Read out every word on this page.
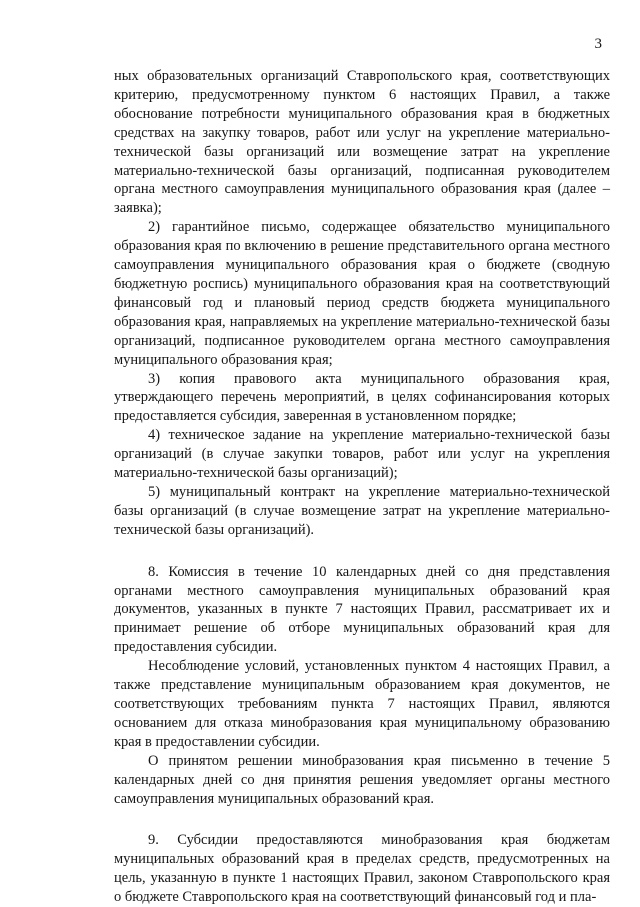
3

ных образовательных организаций Ставропольского края, соответствующих критерию, предусмотренному пунктом 6 настоящих Правил, а также обоснование потребности муниципального образования края в бюджетных средствах на закупку товаров, работ или услуг на укрепление материально-технической базы организаций или возмещение затрат на укрепление материально-технической базы организаций, подписанная руководителем органа местного самоуправления муниципального образования края (далее – заявка);

2) гарантийное письмо, содержащее обязательство муниципального образования края по включению в решение представительного органа местного самоуправления муниципального образования края о бюджете (сводную бюджетную роспись) муниципального образования края на соответствующий финансовый год и плановый период средств бюджета муниципального образования края, направляемых на укрепление материально-технической базы организаций, подписанное руководителем органа местного самоуправления муниципального образования края;

3) копия правового акта муниципального образования края, утверждающего перечень мероприятий, в целях софинансирования которых предоставляется субсидия, заверенная в установленном порядке;

4) техническое задание на укрепление материально-технической базы организаций (в случае закупки товаров, работ или услуг на укрепления материально-технической базы организаций);

5) муниципальный контракт на укрепление материально-технической базы организаций (в случае возмещение затрат на укрепление материально-технической базы организаций).

8. Комиссия в течение 10 календарных дней со дня представления органами местного самоуправления муниципальных образований края документов, указанных в пункте 7 настоящих Правил, рассматривает их и принимает решение об отборе муниципальных образований края для предоставления субсидии.

Несоблюдение условий, установленных пунктом 4 настоящих Правил, а также представление муниципальным образованием края документов, не соответствующих требованиям пункта 7 настоящих Правил, являются основанием для отказа минобразования края муниципальному образованию края в предоставлении субсидии.

О принятом решении минобразования края письменно в течение 5 календарных дней со дня принятия решения уведомляет органы местного самоуправления муниципальных образований края.

9. Субсидии предоставляются минобразования края бюджетам муниципальных образований края в пределах средств, предусмотренных на цель, указанную в пункте 1 настоящих Правил, законом Ставропольского края о бюджете Ставропольского края на соответствующий финансовый год и пла-
